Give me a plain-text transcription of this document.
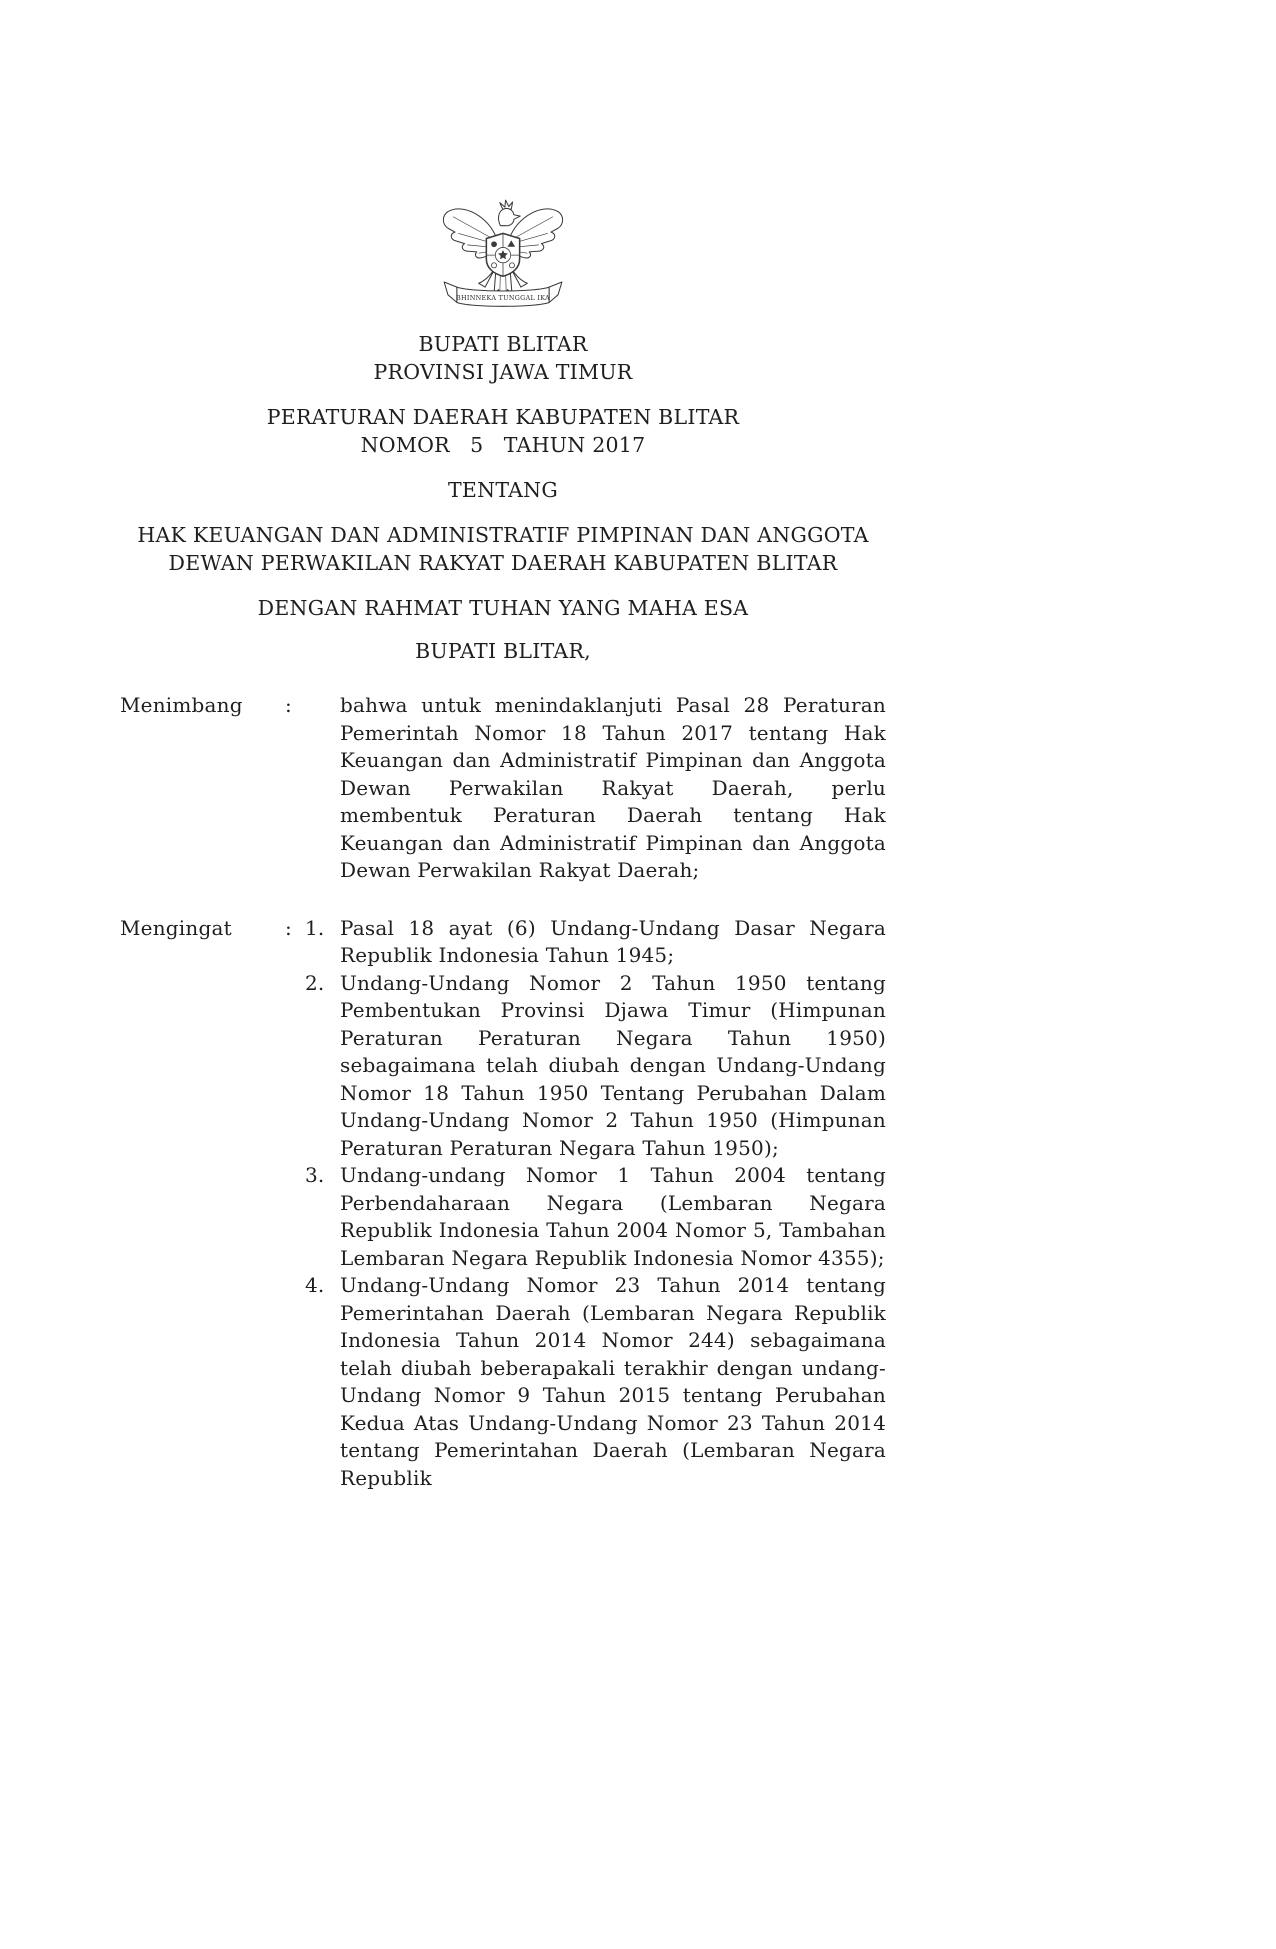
BHINNEKA TUNGGAL IKA
BUPATI BLITAR
PROVINSI JAWA TIMUR
PERATURAN DAERAH KABUPATEN BLITAR
NOMOR   5   TAHUN 2017
TENTANG
HAK KEUANGAN DAN ADMINISTRATIF PIMPINAN DAN ANGGOTA
DEWAN PERWAKILAN RAKYAT DAERAH KABUPATEN BLITAR
DENGAN RAHMAT TUHAN YANG MAHA ESA
BUPATI BLITAR,
Menimbang	:	bahwa untuk menindaklanjuti Pasal 28 Peraturan Pemerintah Nomor 18 Tahun 2017 tentang Hak Keuangan dan Administratif Pimpinan dan Anggota Dewan Perwakilan Rakyat Daerah, perlu membentuk Peraturan Daerah tentang Hak Keuangan dan Administratif Pimpinan dan Anggota Dewan Perwakilan Rakyat Daerah;
Mengingat	: 1. Pasal 18 ayat (6) Undang-Undang Dasar Negara Republik Indonesia Tahun 1945;
2. Undang-Undang Nomor 2 Tahun 1950 tentang Pembentukan Provinsi Djawa Timur (Himpunan Peraturan Peraturan Negara Tahun 1950) sebagaimana telah diubah dengan Undang-Undang Nomor 18 Tahun 1950 Tentang Perubahan Dalam Undang-Undang Nomor 2 Tahun 1950 (Himpunan Peraturan Peraturan Negara Tahun 1950);
3. Undang-undang Nomor 1 Tahun 2004 tentang Perbendaharaan Negara (Lembaran Negara Republik Indonesia Tahun 2004 Nomor 5, Tambahan Lembaran Negara Republik Indonesia Nomor 4355);
4. Undang-Undang Nomor 23 Tahun 2014 tentang Pemerintahan Daerah (Lembaran Negara Republik Indonesia Tahun 2014 Nomor 244) sebagaimana telah diubah beberapakali terakhir dengan undang-Undang Nomor 9 Tahun 2015 tentang Perubahan Kedua Atas Undang-Undang Nomor 23 Tahun 2014 tentang Pemerintahan Daerah (Lembaran Negara Republik
